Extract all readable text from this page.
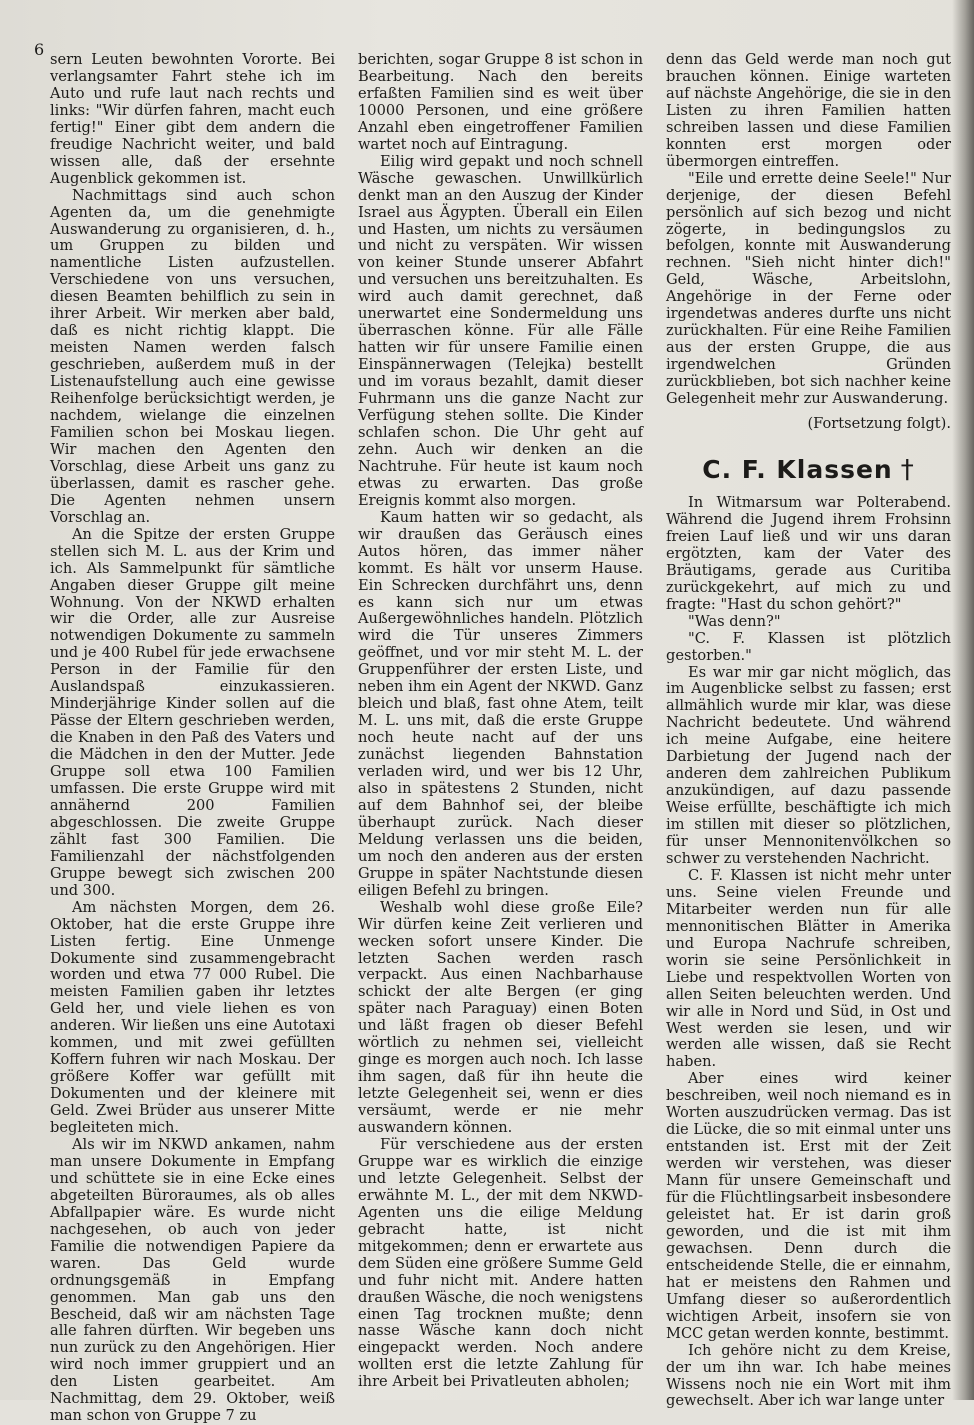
6

sern Leuten bewohnten Vororte. Bei verlangsamter Fahrt stehe ich im Auto und rufe laut nach rechts und links: "Wir dürfen fahren, macht euch fertig!" Einer gibt dem andern die freudige Nachricht weiter, und bald wissen alle, daß der ersehnte Augenblick gekommen ist.

Nachmittags sind auch schon Agenten da, um die genehmigte Auswanderung zu organisieren, d. h., um Gruppen zu bilden und namentliche Listen aufzustellen. Verschiedene von uns versuchen, diesen Beamten behilflich zu sein in ihrer Arbeit. Wir merken aber bald, daß es nicht richtig klappt. Die meisten Namen werden falsch geschrieben, außerdem muß in der Listenaufstellung auch eine gewisse Reihenfolge berücksichtigt werden, je nachdem, wielange die einzelnen Familien schon bei Moskau liegen. Wir machen den Agenten den Vorschlag, diese Arbeit uns ganz zu überlassen, damit es rascher gehe. Die Agenten nehmen unsern Vorschlag an.

An die Spitze der ersten Gruppe stellen sich M. L. aus der Krim und ich. Als Sammelpunkt für sämtliche Angaben dieser Gruppe gilt meine Wohnung. Von der NKWD erhalten wir die Order, alle zur Ausreise notwendigen Dokumente zu sammeln und je 400 Rubel für jede erwachsene Person in der Familie für den Auslandspaß einzukassieren. Minderjährige Kinder sollen auf die Pässe der Eltern geschrieben werden, die Knaben in den Paß des Vaters und die Mädchen in den der Mutter. Jede Gruppe soll etwa 100 Familien umfassen. Die erste Gruppe wird mit annähernd 200 Familien abgeschlossen. Die zweite Gruppe zählt fast 300 Familien. Die Familienzahl der nächstfolgenden Gruppe bewegt sich zwischen 200 und 300.

Am nächsten Morgen, dem 26. Oktober, hat die erste Gruppe ihre Listen fertig. Eine Unmenge Dokumente sind zusammengebracht worden und etwa 77 000 Rubel. Die meisten Familien gaben ihr letztes Geld her, und viele liehen es von anderen. Wir ließen uns eine Autotaxi kommen, und mit zwei gefüllten Koffern fuhren wir nach Moskau. Der größere Koffer war gefüllt mit Dokumenten und der kleinere mit Geld. Zwei Brüder aus unserer Mitte begleiteten mich.

Als wir im NKWD ankamen, nahm man unsere Dokumente in Empfang und schüttete sie in eine Ecke eines abgeteilten Büroraumes, als ob alles Abfallpapier wäre. Es wurde nicht nachgesehen, ob auch von jeder Familie die notwendigen Papiere da waren. Das Geld wurde ordnungsgemäß in Empfang genommen. Man gab uns den Bescheid, daß wir am nächsten Tage alle fahren dürften. Wir begeben uns nun zurück zu den Angehörigen. Hier wird noch immer gruppiert und an den Listen gearbeitet. Am Nachmittag, dem 29. Oktober, weiß man schon von Gruppe 7 zu

berichten, sogar Gruppe 8 ist schon in Bearbeitung. Nach den bereits erfaßten Familien sind es weit über 10000 Personen, und eine größere Anzahl eben eingetroffener Familien wartet noch auf Eintragung.

Eilig wird gepakt und noch schnell Wäsche gewaschen. Unwillkürlich denkt man an den Auszug der Kinder Israel aus Ägypten. Überall ein Eilen und Hasten, um nichts zu versäumen und nicht zu verspäten. Wir wissen von keiner Stunde unserer Abfahrt und versuchen uns bereitzuhalten. Es wird auch damit gerechnet, daß unerwartet eine Sondermeldung uns überraschen könne. Für alle Fälle hatten wir für unsere Familie einen Einspännerwagen (Telejka) bestellt und im voraus bezahlt, damit dieser Fuhrmann uns die ganze Nacht zur Verfügung stehen sollte. Die Kinder schlafen schon. Die Uhr geht auf zehn. Auch wir denken an die Nachtruhe. Für heute ist kaum noch etwas zu erwarten. Das große Ereignis kommt also morgen.

Kaum hatten wir so gedacht, als wir draußen das Geräusch eines Autos hören, das immer näher kommt. Es hält vor unserm Hause. Ein Schrecken durchfährt uns, denn es kann sich nur um etwas Außergewöhnliches handeln. Plötzlich wird die Tür unseres Zimmers geöffnet, und vor mir steht M. L. der Gruppenführer der ersten Liste, und neben ihm ein Agent der NKWD. Ganz bleich und blaß, fast ohne Atem, teilt M. L. uns mit, daß die erste Gruppe noch heute nacht auf der uns zunächst liegenden Bahnstation verladen wird, und wer bis 12 Uhr, also in spätestens 2 Stunden, nicht auf dem Bahnhof sei, der bleibe überhaupt zurück. Nach dieser Meldung verlassen uns die beiden, um noch den anderen aus der ersten Gruppe in später Nachtstunde diesen eiligen Befehl zu bringen.

Weshalb wohl diese große Eile? Wir dürfen keine Zeit verlieren und wecken sofort unsere Kinder. Die letzten Sachen werden rasch verpackt. Aus einen Nachbarhause schickt der alte Bergen (er ging später nach Paraguay) einen Boten und läßt fragen ob dieser Befehl wörtlich zu nehmen sei, vielleicht ginge es morgen auch noch. Ich lasse ihm sagen, daß für ihn heute die letzte Gelegenheit sei, wenn er dies versäumt, werde er nie mehr auswandern können.

Für verschiedene aus der ersten Gruppe war es wirklich die einzige und letzte Gelegenheit. Selbst der erwähnte M. L., der mit dem NKWD-Agenten uns die eilige Meldung gebracht hatte, ist nicht mitgekommen; denn er erwartete aus dem Süden eine größere Summe Geld und fuhr nicht mit. Andere hatten draußen Wäsche, die noch wenigstens einen Tag trocknen mußte; denn nasse Wäsche kann doch nicht eingepackt werden. Noch andere wollten erst die letzte Zahlung für ihre Arbeit bei Privatleuten abholen;

denn das Geld werde man noch gut brauchen können. Einige warteten auf nächste Angehörige, die sie in den Listen zu ihren Familien hatten schreiben lassen und diese Familien konnten erst morgen oder übermorgen eintreffen.

"Eile und errette deine Seele!" Nur derjenige, der diesen Befehl persönlich auf sich bezog und nicht zögerte, in bedingungslos zu befolgen, konnte mit Auswanderung rechnen. "Sieh nicht hinter dich!" Geld, Wäsche, Arbeitslohn, Angehörige in der Ferne oder irgendetwas anderes durfte uns nicht zurückhalten. Für eine Reihe Familien aus der ersten Gruppe, die aus irgendwelchen Gründen zurückblieben, bot sich nachher keine Gelegenheit mehr zur Auswanderung.

(Fortsetzung folgt).

C. F. Klassen †

In Witmarsum war Polterabend. Während die Jugend ihrem Frohsinn freien Lauf ließ und wir uns daran ergötzten, kam der Vater des Bräutigams, gerade aus Curitiba zurückgekehrt, auf mich zu und fragte: "Hast du schon gehört?"

"Was denn?"

"C. F. Klassen ist plötzlich gestorben."

Es war mir gar nicht möglich, das im Augenblicke selbst zu fassen; erst allmählich wurde mir klar, was diese Nachricht bedeutete. Und während ich meine Aufgabe, eine heitere Darbietung der Jugend nach der anderen dem zahlreichen Publikum anzukündigen, auf dazu passende Weise erfüllte, beschäftigte ich mich im stillen mit dieser so plötzlichen, für unser Mennonitenvölkchen so schwer zu verstehenden Nachricht.

C. F. Klassen ist nicht mehr unter uns. Seine vielen Freunde und Mitarbeiter werden nun für alle mennonitischen Blätter in Amerika und Europa Nachrufe schreiben, worin sie seine Persönlichkeit in Liebe und respektvollen Worten von allen Seiten beleuchten werden. Und wir alle in Nord und Süd, in Ost und West werden sie lesen, und wir werden alle wissen, daß sie Recht haben.

Aber eines wird keiner beschreiben, weil noch niemand es in Worten auszudrücken vermag. Das ist die Lücke, die so mit einmal unter uns entstanden ist. Erst mit der Zeit werden wir verstehen, was dieser Mann für unsere Gemeinschaft und für die Flüchtlingsarbeit insbesondere geleistet hat. Er ist darin groß geworden, und die ist mit ihm gewachsen. Denn durch die entscheidende Stelle, die er einnahm, hat er meistens den Rahmen und Umfang dieser so außerordentlich wichtigen Arbeit, insofern sie von MCC getan werden konnte, bestimmt.

Ich gehöre nicht zu dem Kreise, der um ihn war. Ich habe meines Wissens noch nie ein Wort mit ihm gewechselt. Aber ich war lange unter
